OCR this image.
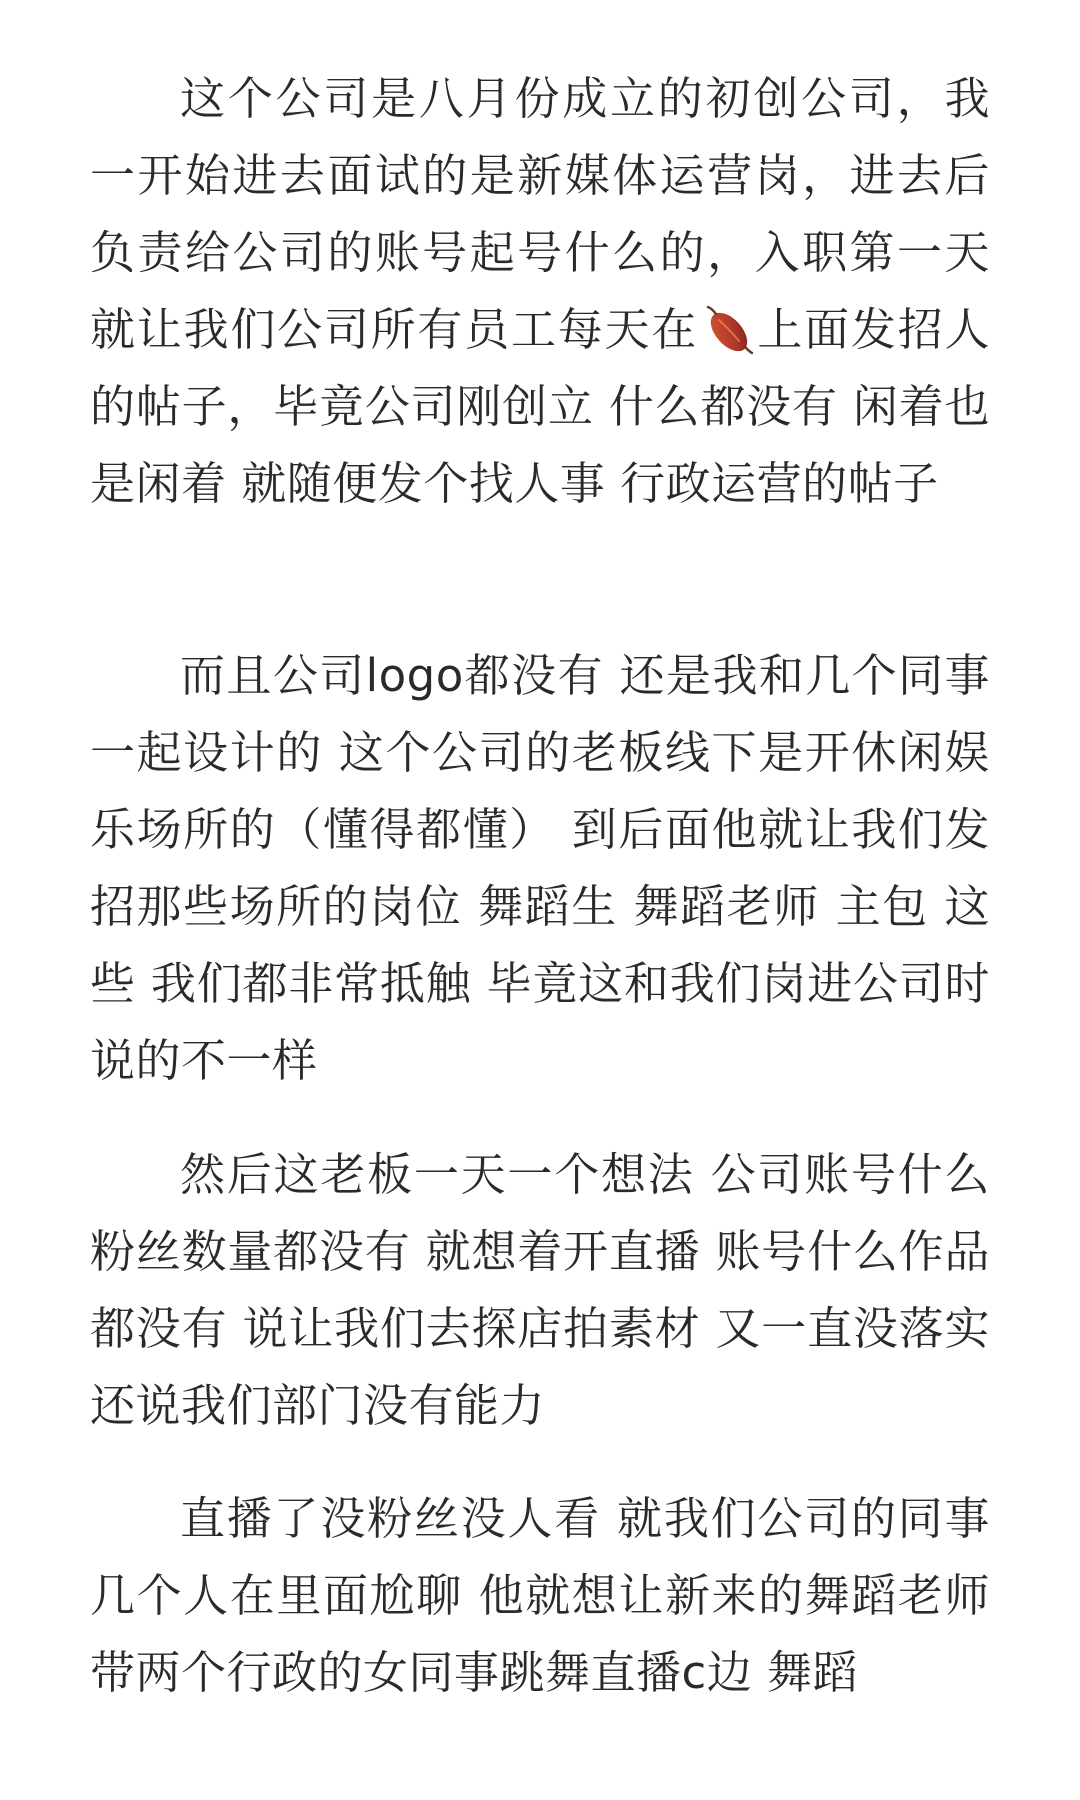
这个公司是八月份成立的初创公司，我一开始进去面试的是新媒体运营岗，进去后负责给公司的账号起号什么的，入职第一天就让我们公司所有员工每天在 上面发招人的帖子，毕竟公司刚创立 什么都没有 闲着也是闲着 就随便发个找人事 行政运营的帖子

而且公司logo都没有 还是我和几个同事一起设计的 这个公司的老板线下是开休闲娱乐场所的（懂得都懂） 到后面他就让我们发招那些场所的岗位 舞蹈生 舞蹈老师 主包 这些 我们都非常抵触 毕竟这和我们岗进公司时说的不一样

然后这老板一天一个想法 公司账号什么粉丝数量都没有 就想着开直播 账号什么作品都没有 说让我们去探店拍素材 又一直没落实 还说我们部门没有能力

直播了没粉丝没人看 就我们公司的同事 几个人在里面尬聊 他就想让新来的舞蹈老师带两个行政的女同事跳舞直播c边 舞蹈
